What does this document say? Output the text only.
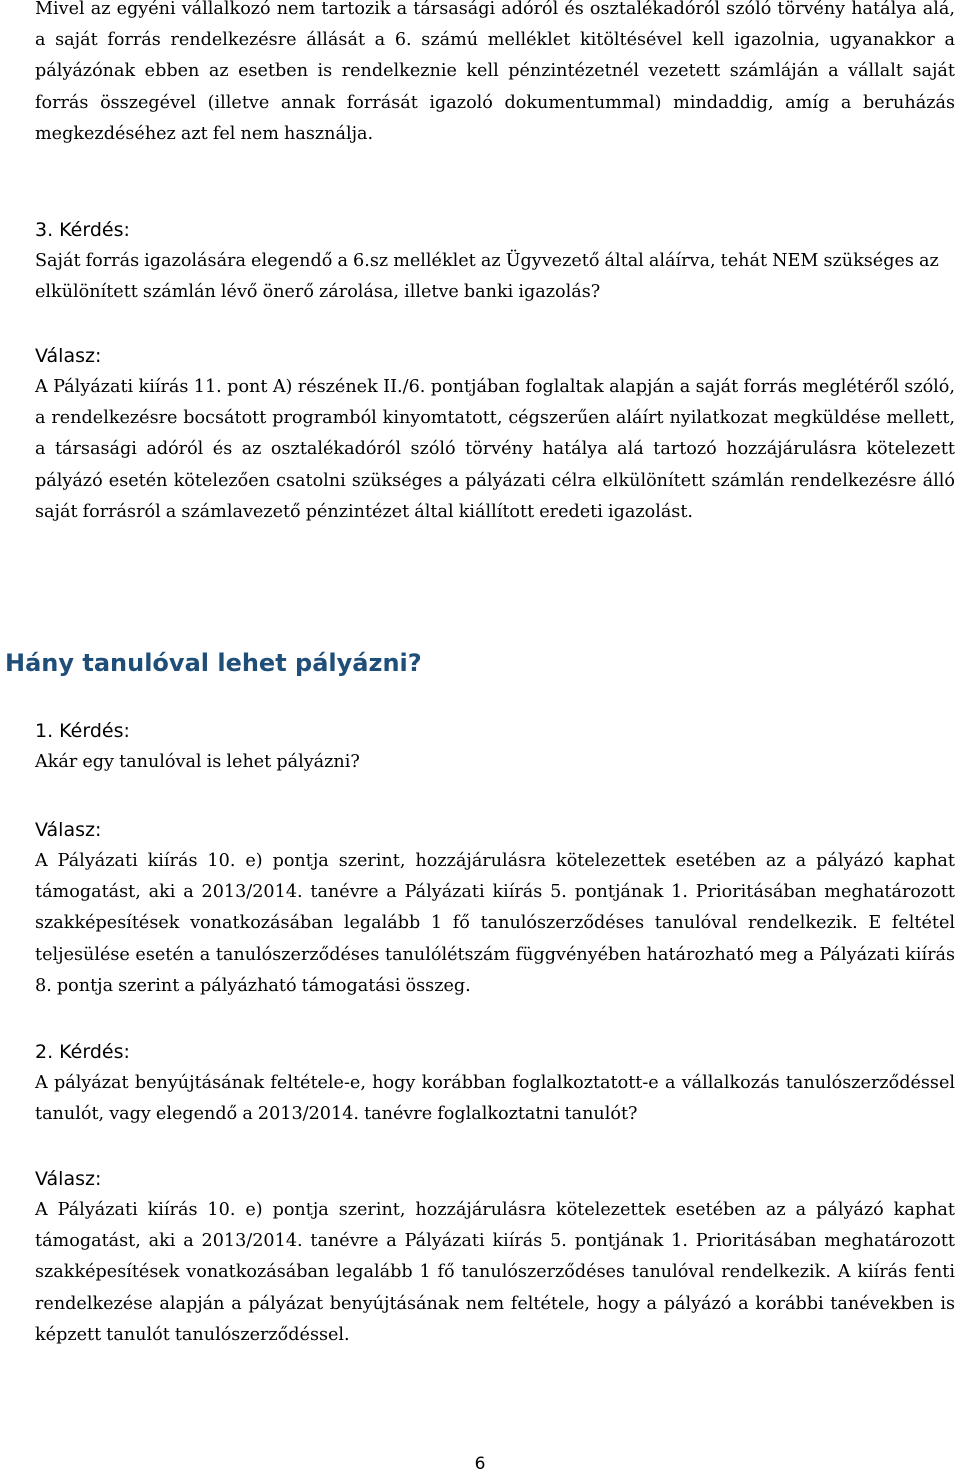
Mivel az egyéni vállalkozó nem tartozik a társasági adóról és osztalékadóról szóló törvény hatálya alá, a saját forrás rendelkezésre állását a 6. számú melléklet kitöltésével kell igazolnia, ugyanakkor a pályázónak ebben az esetben is rendelkeznie kell pénzintézetnél vezetett számláján a vállalt saját forrás összegével (illetve annak forrását igazoló dokumentummal) mindaddig, amíg a beruházás megkezdéséhez azt fel nem használja.

3. Kérdés:

Saját forrás igazolására elegendő a 6.sz melléklet az Ügyvezető által aláírva, tehát NEM szükséges az elkülönített számlán lévő önerő zárolása, illetve banki igazolás?

Válasz:

A Pályázati kiírás 11. pont A) részének II./6. pontjában foglaltak alapján a saját forrás meglétéről szóló, a rendelkezésre bocsátott programból kinyomtatott, cégszerűen aláírt nyilatkozat megküldése mellett, a társasági adóról és az osztalékadóról szóló törvény hatálya alá tartozó hozzájárulásra kötelezett pályázó esetén kötelezően csatolni szükséges a pályázati célra elkülönített számlán rendelkezésre álló saját forrásról a számlavezető pénzintézet által kiállított eredeti igazolást.

Hány tanulóval lehet pályázni?

1. Kérdés:

Akár egy tanulóval is lehet pályázni?

Válasz:

A Pályázati kiírás 10. e) pontja szerint, hozzájárulásra kötelezettek esetében az a pályázó kaphat támogatást, aki a 2013/2014. tanévre a Pályázati kiírás 5. pontjának 1. Prioritásában meghatározott szakképesítések vonatkozásában legalább 1 fő tanulószerződéses tanulóval rendelkezik. E feltétel teljesülése esetén a tanulószerződéses tanulólétszám függvényében határozható meg a Pályázati kiírás 8. pontja szerint a pályázható támogatási összeg.

2. Kérdés:

A pályázat benyújtásának feltétele-e, hogy korábban foglalkoztatott-e a vállalkozás tanulószerződéssel tanulót, vagy elegendő a 2013/2014. tanévre foglalkoztatni tanulót?

Válasz:

A Pályázati kiírás 10. e) pontja szerint, hozzájárulásra kötelezettek esetében az a pályázó kaphat támogatást, aki a 2013/2014. tanévre a Pályázati kiírás 5. pontjának 1. Prioritásában meghatározott szakképesítések vonatkozásában legalább 1 fő tanulószerződéses tanulóval rendelkezik. A kiírás fenti rendelkezése alapján a pályázat benyújtásának nem feltétele, hogy a pályázó a korábbi tanévekben is képzett tanulót tanulószerződéssel.

6
